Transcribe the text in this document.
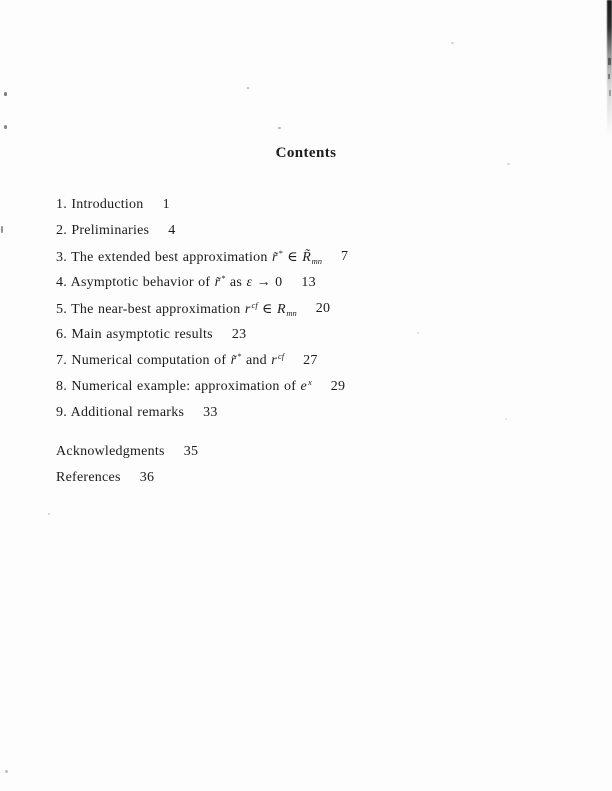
Contents
1. Introduction 1
2. Preliminaries 4
3. The extended best approximation r̃* ∈ $R̃_{mn}$ 7
4. Asymptotic behavior of r̃* as ε → 0 13
5. The near-best approximation $r^{cf}$ ∈ $R_{mn}$ 20
6. Main asymptotic results 23
7. Numerical computation of r̃* and $r^{cf}$ 27
8. Numerical example: approximation of $e^x$ 29
9. Additional remarks 33
Acknowledgments 35
References 36
